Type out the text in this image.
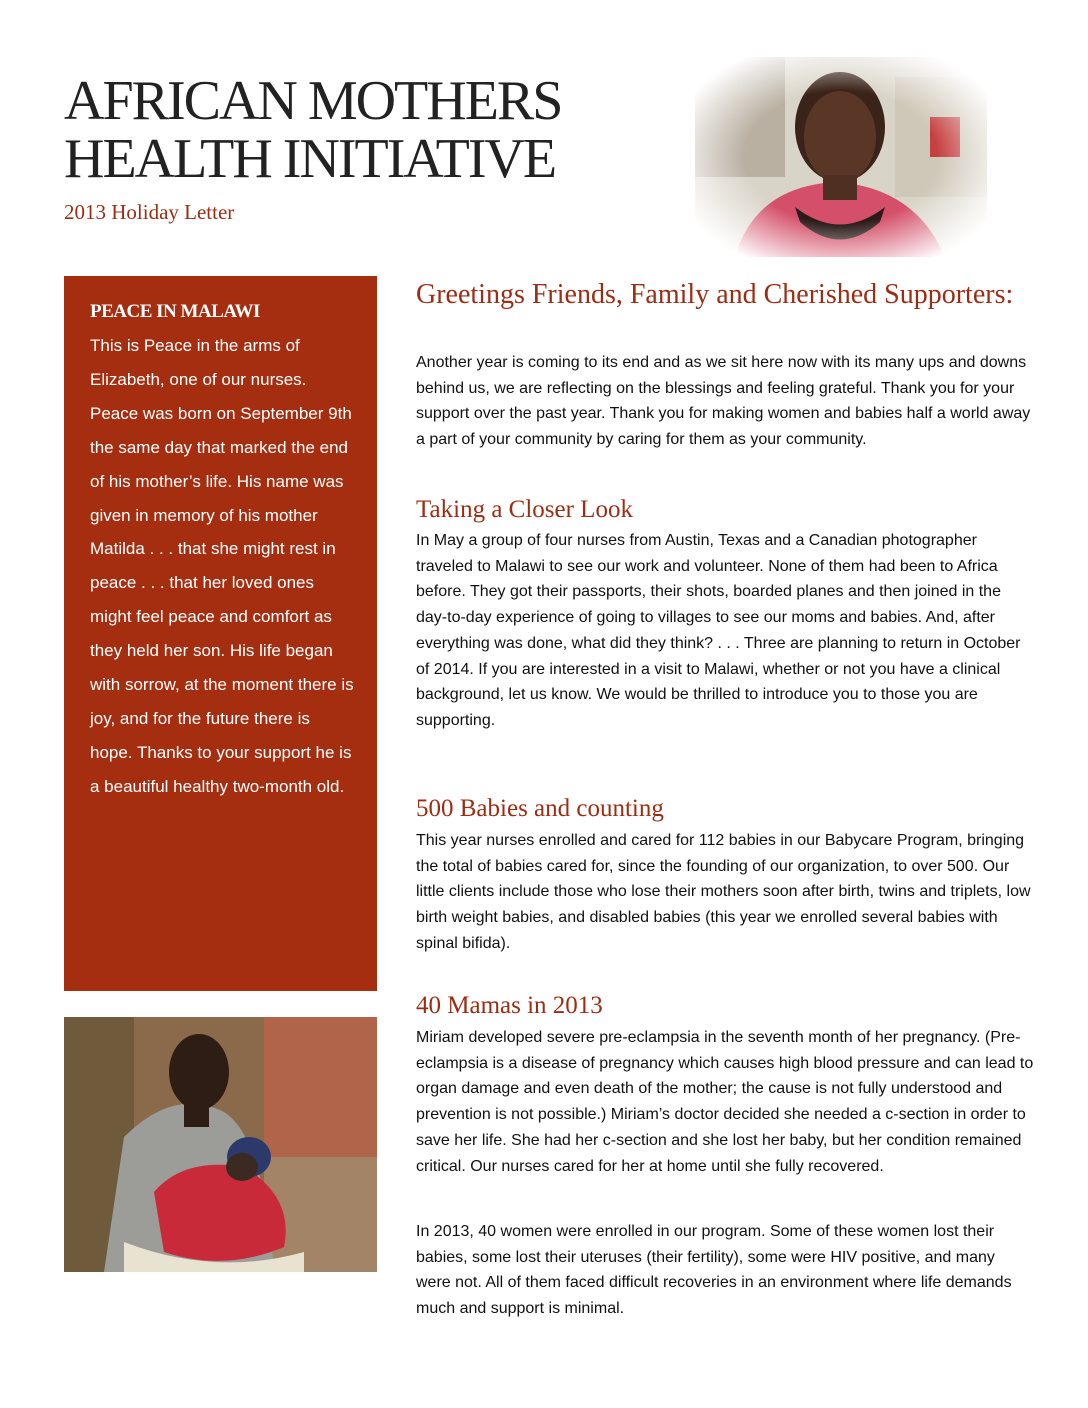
AFRICAN MOTHERS
HEALTH INITIATIVE
2013 Holiday Letter
PEACE IN MALAWI

This is Peace in the arms of Elizabeth, one of our nurses. Peace was born on September 9th the same day that marked the end of his mother’s life. His name was given in memory of his mother Matilda . . . that she might rest in peace . . . that her loved ones might feel peace and comfort as they held her son. His life began with sorrow, at the moment there is joy, and for the future there is hope. Thanks to your support he is a beautiful healthy two-month old.

Greetings Friends, Family and Cherished Supporters:

Another year is coming to its end and as we sit here now with its many ups and downs behind us, we are reflecting on the blessings and feeling grateful. Thank you for your support over the past year. Thank you for making women and babies half a world away a part of your community by caring for them as your community.

Taking a Closer Look

In May a group of four nurses from Austin, Texas and a Canadian photographer traveled to Malawi to see our work and volunteer. None of them had been to Africa before. They got their passports, their shots, boarded planes and then joined in the day-to-day experience of going to villages to see our moms and babies. And, after everything was done, what did they think? . . . Three are planning to return in October of 2014. If you are interested in a visit to Malawi, whether or not you have a clinical background, let us know. We would be thrilled to introduce you to those you are supporting.

500 Babies and counting

This year nurses enrolled and cared for 112 babies in our Babycare Program, bringing the total of babies cared for, since the founding of our organization, to over 500. Our little clients include those who lose their mothers soon after birth, twins and triplets, low birth weight babies, and disabled babies (this year we enrolled several babies with spinal bifida).

40 Mamas in 2013

Miriam developed severe pre-eclampsia in the seventh month of her pregnancy. (Pre-eclampsia is a disease of pregnancy which causes high blood pressure and can lead to organ damage and even death of the mother; the cause is not fully understood and prevention is not possible.) Miriam’s doctor decided she needed a c-section in order to save her life. She had her c-section and she lost her baby, but her condition remained critical. Our nurses cared for her at home until she fully recovered.

In 2013, 40 women were enrolled in our program. Some of these women lost their babies, some lost their uteruses (their fertility), some were HIV positive, and many were not. All of them faced difficult recoveries in an environment where life demands much and support is minimal.
